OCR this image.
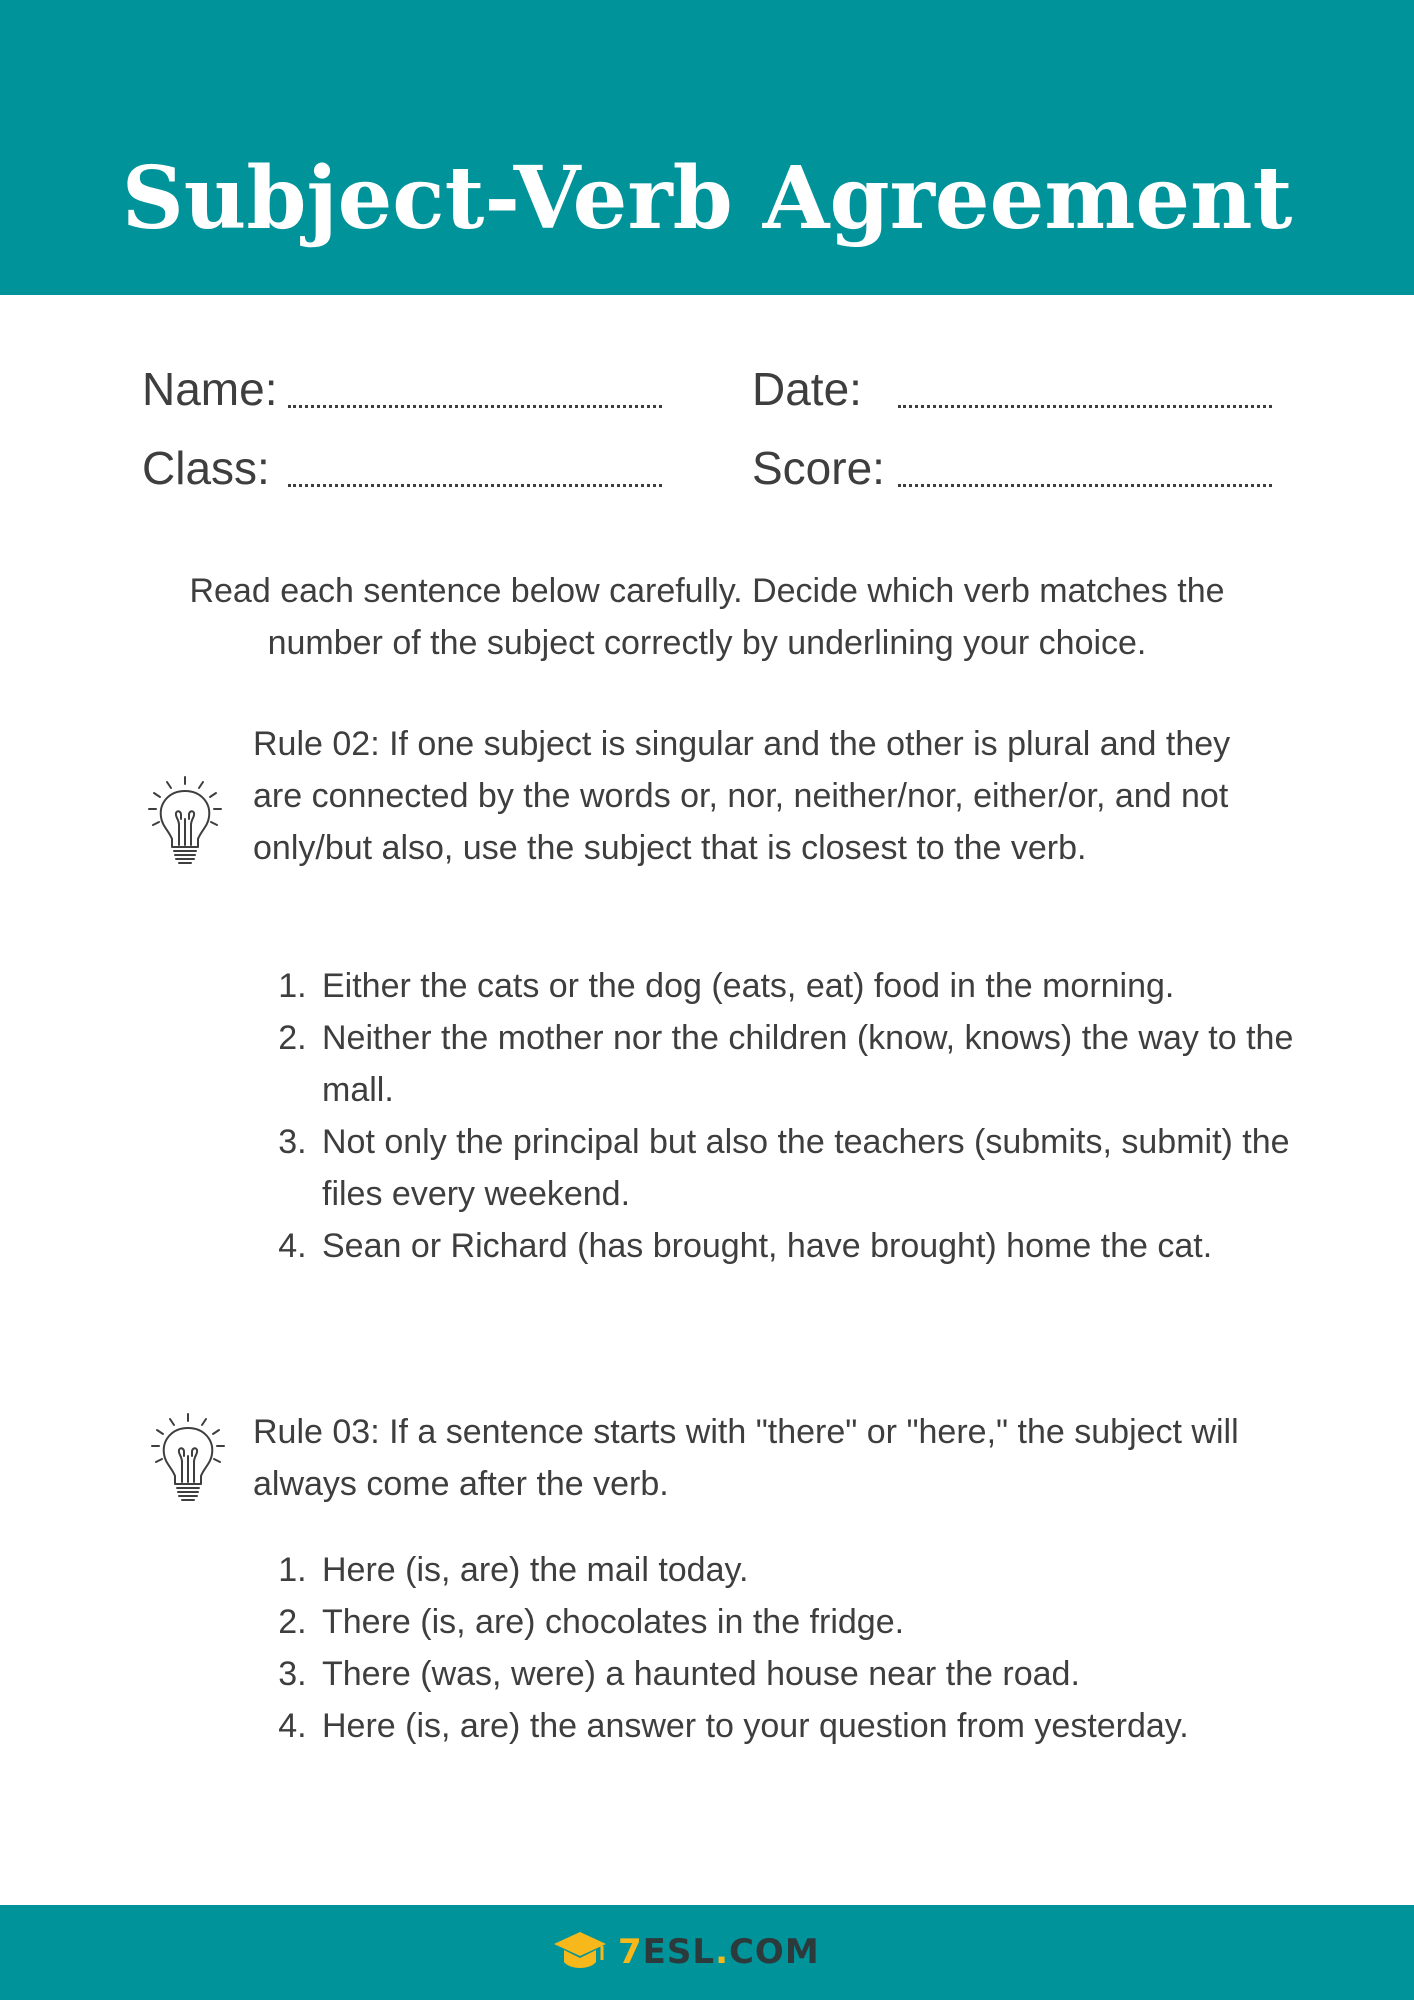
Subject-Verb Agreement
Name:	Date:
Class:	Score:

Read each sentence below carefully. Decide which verb matches the number of the subject correctly by underlining your choice.

Rule 02: If one subject is singular and the other is plural and they are connected by the words or, nor, neither/nor, either/or, and not only/but also, use the subject that is closest to the verb.

1. Either the cats or the dog (eats, eat) food in the morning.
2. Neither the mother nor the children (know, knows) the way to the mall.
3. Not only the principal but also the teachers (submits, submit) the files every weekend.
4. Sean or Richard (has brought, have brought) home the cat.

Rule 03: If a sentence starts with "there" or "here," the subject will always come after the verb.

1. Here (is, are) the mail today.
2. There (is, are) chocolates in the fridge.
3. There (was, were) a haunted house near the road.
4. Here (is, are) the answer to your question from yesterday.
7ESL.COM
